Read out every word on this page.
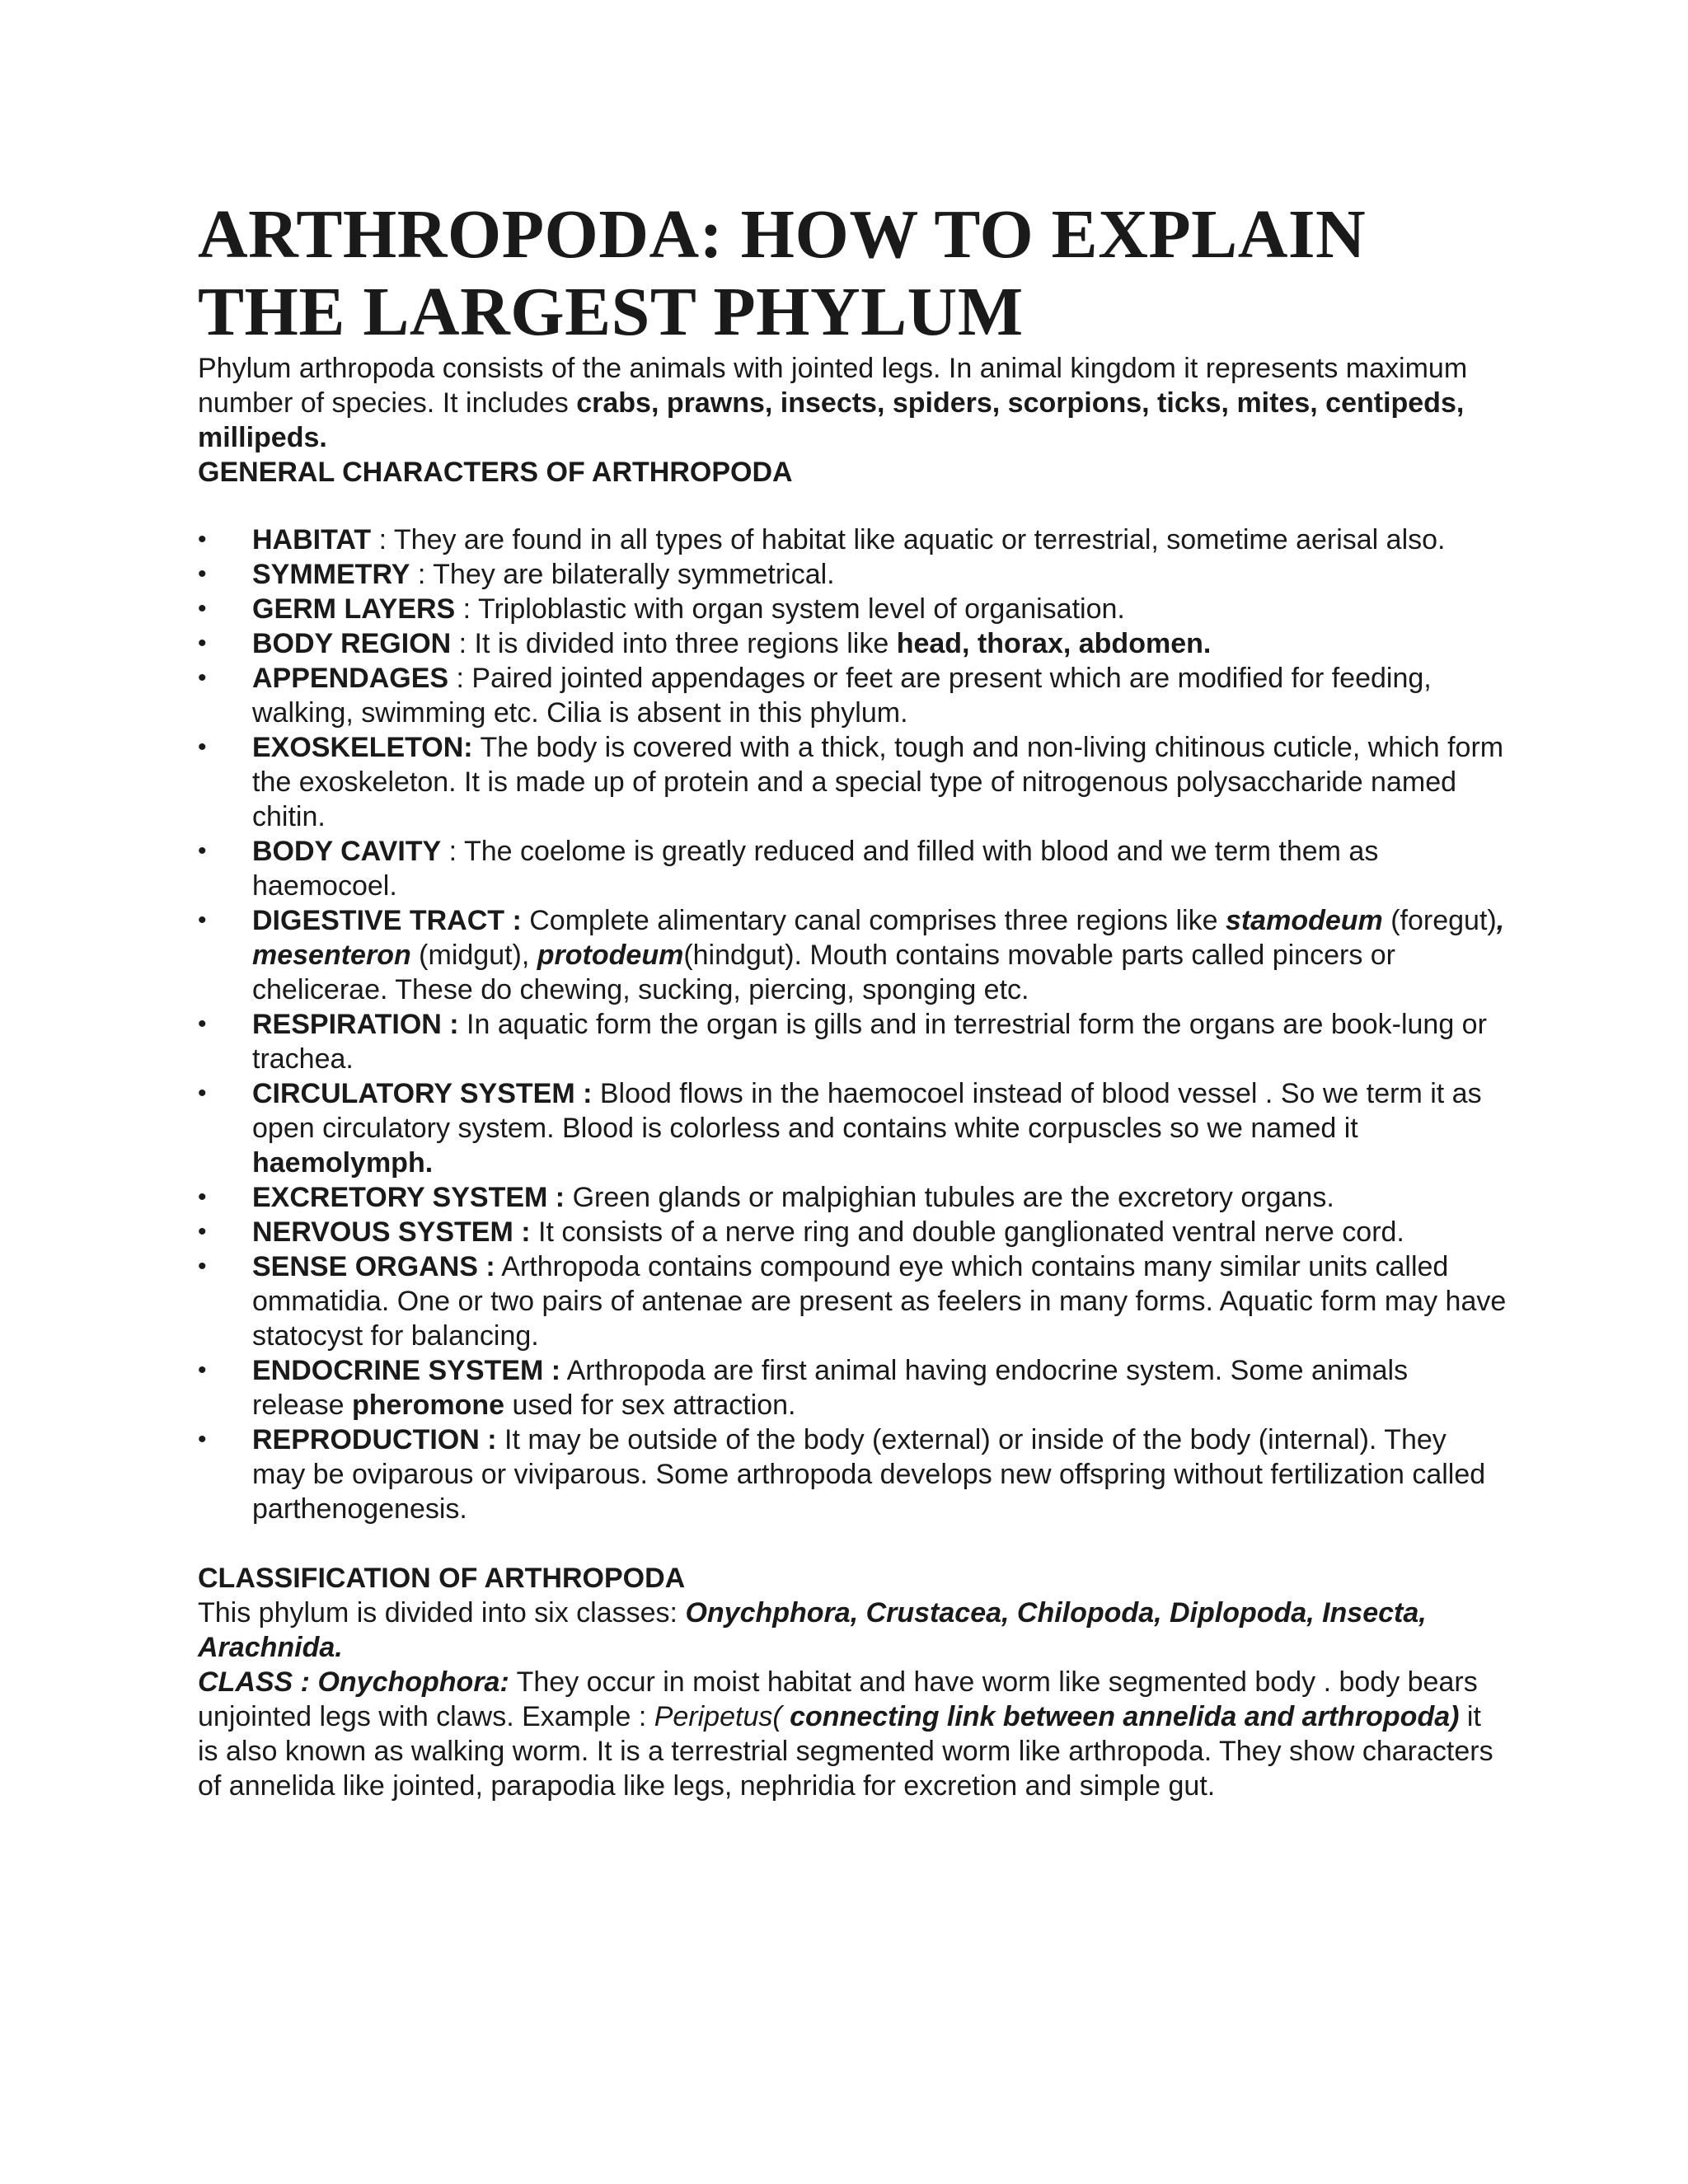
ARTHROPODA: HOW TO EXPLAIN
THE LARGEST PHYLUM

Phylum arthropoda consists of the animals with jointed legs. In animal kingdom it represents maximum number of species. It includes crabs, prawns, insects, spiders, scorpions, ticks, mites, centipeds, millipeds.

GENERAL CHARACTERS OF ARTHROPODA

•	HABITAT : They are found in all types of habitat like aquatic or terrestrial, sometime aerisal also.
•	SYMMETRY : They are bilaterally symmetrical.
•	GERM LAYERS : Triploblastic with organ system level of organisation.
•	BODY REGION : It is divided into three regions like head, thorax, abdomen.
•	APPENDAGES : Paired jointed appendages or feet are present which are modified for feeding, walking, swimming etc. Cilia is absent in this phylum.
•	EXOSKELETON: The body is covered with a thick, tough and non-living chitinous cuticle, which form the exoskeleton. It is made up of protein and a special type of nitrogenous polysaccharide named chitin.
•	BODY CAVITY : The coelome is greatly reduced and filled with blood and we term them as haemocoel.
•	DIGESTIVE TRACT : Complete alimentary canal comprises three regions like stamodeum (foregut), mesenteron (midgut), protodeum(hindgut). Mouth contains movable parts called pincers or chelicerae. These do chewing, sucking, piercing, sponging etc.
•	RESPIRATION : In aquatic form the organ is gills and in terrestrial form the organs are book-lung or trachea.
•	CIRCULATORY SYSTEM : Blood flows in the haemocoel instead of blood vessel . So we term it as open circulatory system. Blood is colorless and contains white corpuscles so we named it haemolymph.
•	EXCRETORY SYSTEM : Green glands or malpighian tubules are the excretory organs.
•	NERVOUS SYSTEM : It consists of a nerve ring and double ganglionated ventral nerve cord.
•	SENSE ORGANS : Arthropoda contains compound eye which contains many similar units called ommatidia. One or two pairs of antenae are present as feelers in many forms. Aquatic form may have statocyst for balancing.
•	ENDOCRINE SYSTEM : Arthropoda are first animal having endocrine system. Some animals release pheromone used for sex attraction.
•	REPRODUCTION : It may be outside of the body (external) or inside of the body (internal). They may be oviparous or viviparous. Some arthropoda develops new offspring without fertilization called parthenogenesis.

CLASSIFICATION OF ARTHROPODA

This phylum is divided into six classes: Onychphora, Crustacea, Chilopoda, Diplopoda, Insecta, Arachnida.

CLASS : Onychophora: They occur in moist habitat and have worm like segmented body . body bears unjointed legs with claws. Example : Peripetus( connecting link between annelida and arthropoda) it is also known as walking worm. It is a terrestrial segmented worm like arthropoda. They show characters of annelida like jointed, parapodia like legs, nephridia for excretion and simple gut.
